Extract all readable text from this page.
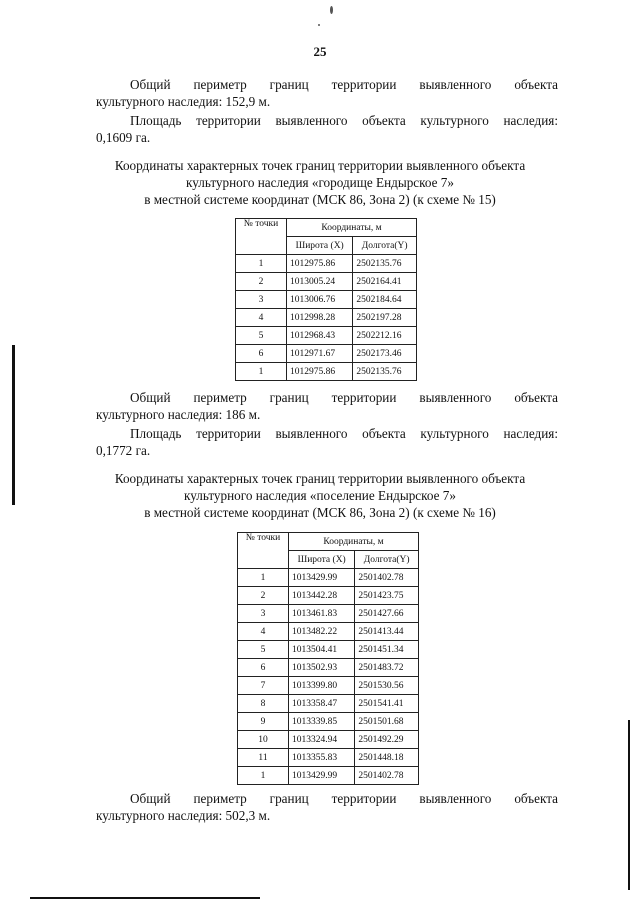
25

Общий периметр границ территории выявленного объекта

культурного наследия: 152,9 м.

Площадь территории выявленного объекта культурного наследия:

0,1609 га.

Координаты характерных точек границ территории выявленного объекта

культурного наследия «городище Ендырское 7»

в местной системе координат (МСК 86, Зона 2) (к схеме № 15)

№ точки	Координаты, м	
	Широта (X)	Долгота(Y)
1	1012975.86	2502135.76
2	1013005.24	2502164.41
3	1013006.76	2502184.64
4	1012998.28	2502197.28
5	1012968.43	2502212.16
6	1012971.67	2502173.46
1	1012975.86	2502135.76

Общий периметр границ территории выявленного объекта

культурного наследия: 186 м.

Площадь территории выявленного объекта культурного наследия:

0,1772 га.

Координаты характерных точек границ территории выявленного объекта

культурного наследия «поселение Ендырское 7»

в местной системе координат (МСК 86, Зона 2) (к схеме № 16)

№ точки	Координаты, м	
	Широта (X)	Долгота(Y)
1	1013429.99	2501402.78
2	1013442.28	2501423.75
3	1013461.83	2501427.66
4	1013482.22	2501413.44
5	1013504.41	2501451.34
6	1013502.93	2501483.72
7	1013399.80	2501530.56
8	1013358.47	2501541.41
9	1013339.85	2501501.68
10	1013324.94	2501492.29
11	1013355.83	2501448.18
1	1013429.99	2501402.78

Общий периметр границ территории выявленного объекта

культурного наследия: 502,3 м.
